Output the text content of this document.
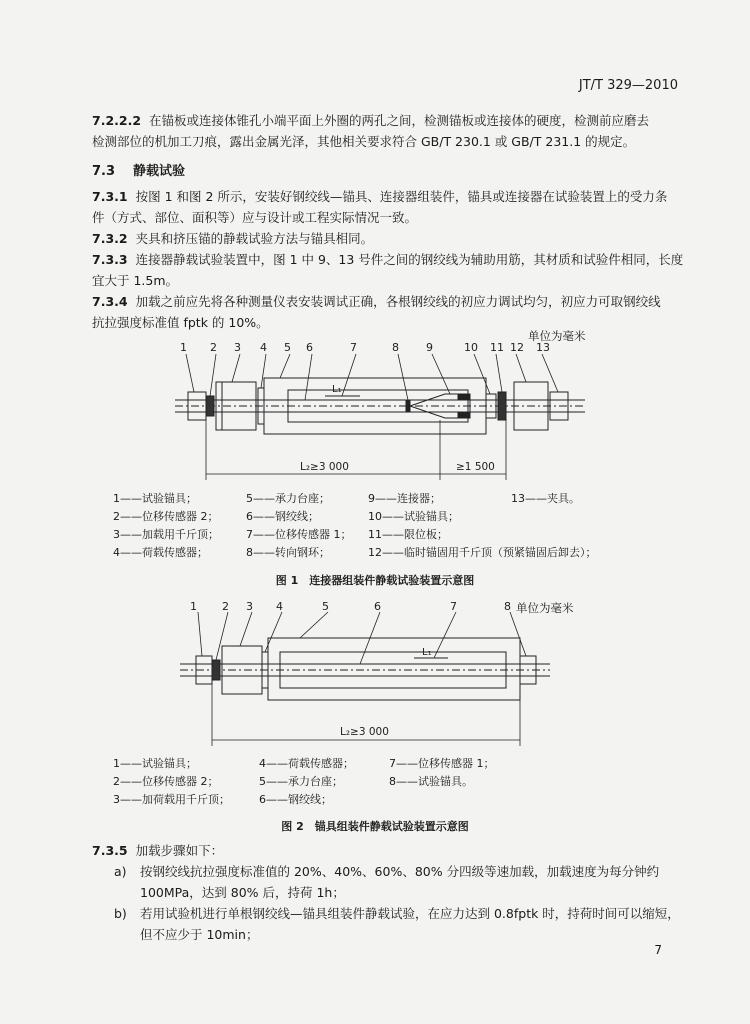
JT/T 329—2010
7.2.2.2 在锚板或连接体锥孔小端平面上外圈的两孔之间，检测锚板或连接体的硬度，检测前应磨去
检测部位的机加工刀痕，露出金属光泽，其他相关要求符合 GB/T 230.1 或 GB/T 231.1 的规定。
7.3 静载试验
7.3.1 按图 1 和图 2 所示，安装好钢绞线—锚具、连接器组装件，锚具或连接器在试验装置上的受力条
件（方式、部位、面积等）应与设计或工程实际情况一致。
7.3.2 夹具和挤压锚的静载试验方法与锚具相同。
7.3.3 连接器静载试验装置中，图 1 中 9、13 号件之间的钢绞线为辅助用筋，其材质和试验件相同，长度
宜大于 1.5m。
7.3.4 加载之前应先将各种测量仪表安装调试正确，各根钢绞线的初应力调试均匀，初应力可取钢绞线
抗拉强度标准值 fptk 的 10%。
单位为毫米
L₁
1 2 3 4 5 6	7	8 9	10 11 12 13
L₂≥3 000	≥1 500
1——试验锚具；	5——承力台座；	9——连接器；	13——夹具。
2——位移传感器 2；	6——钢绞线；	10——试验锚具；
3——加载用千斤顶； 7——位移传感器 1； 11——限位板；
4——荷载传感器；	8——转向钢环；	12——临时锚固用千斤顶（预紧锚固后卸去）；
图 1　连接器组装件静载试验装置示意图
单位为毫米
L₁
1 2 3 4	5	6	7	8
L₂≥3 000
1——试验锚具；	4——荷载传感器；	7——位移传感器 1；
2——位移传感器 2；	5——承力台座；	8——试验锚具。
3——加荷载用千斤顶；	6——钢绞线；
图 2　锚具组装件静载试验装置示意图
7.3.5 加载步骤如下：
a) 按钢绞线抗拉强度标准值的 20%、40%、60%、80% 分四级等速加载，加载速度为每分钟约
100MPa，达到 80% 后，持荷 1h；
b) 若用试验机进行单根钢绞线—锚具组装件静载试验，在应力达到 0.8fptk 时，持荷时间可以缩短，
但不应少于 10min；
7
